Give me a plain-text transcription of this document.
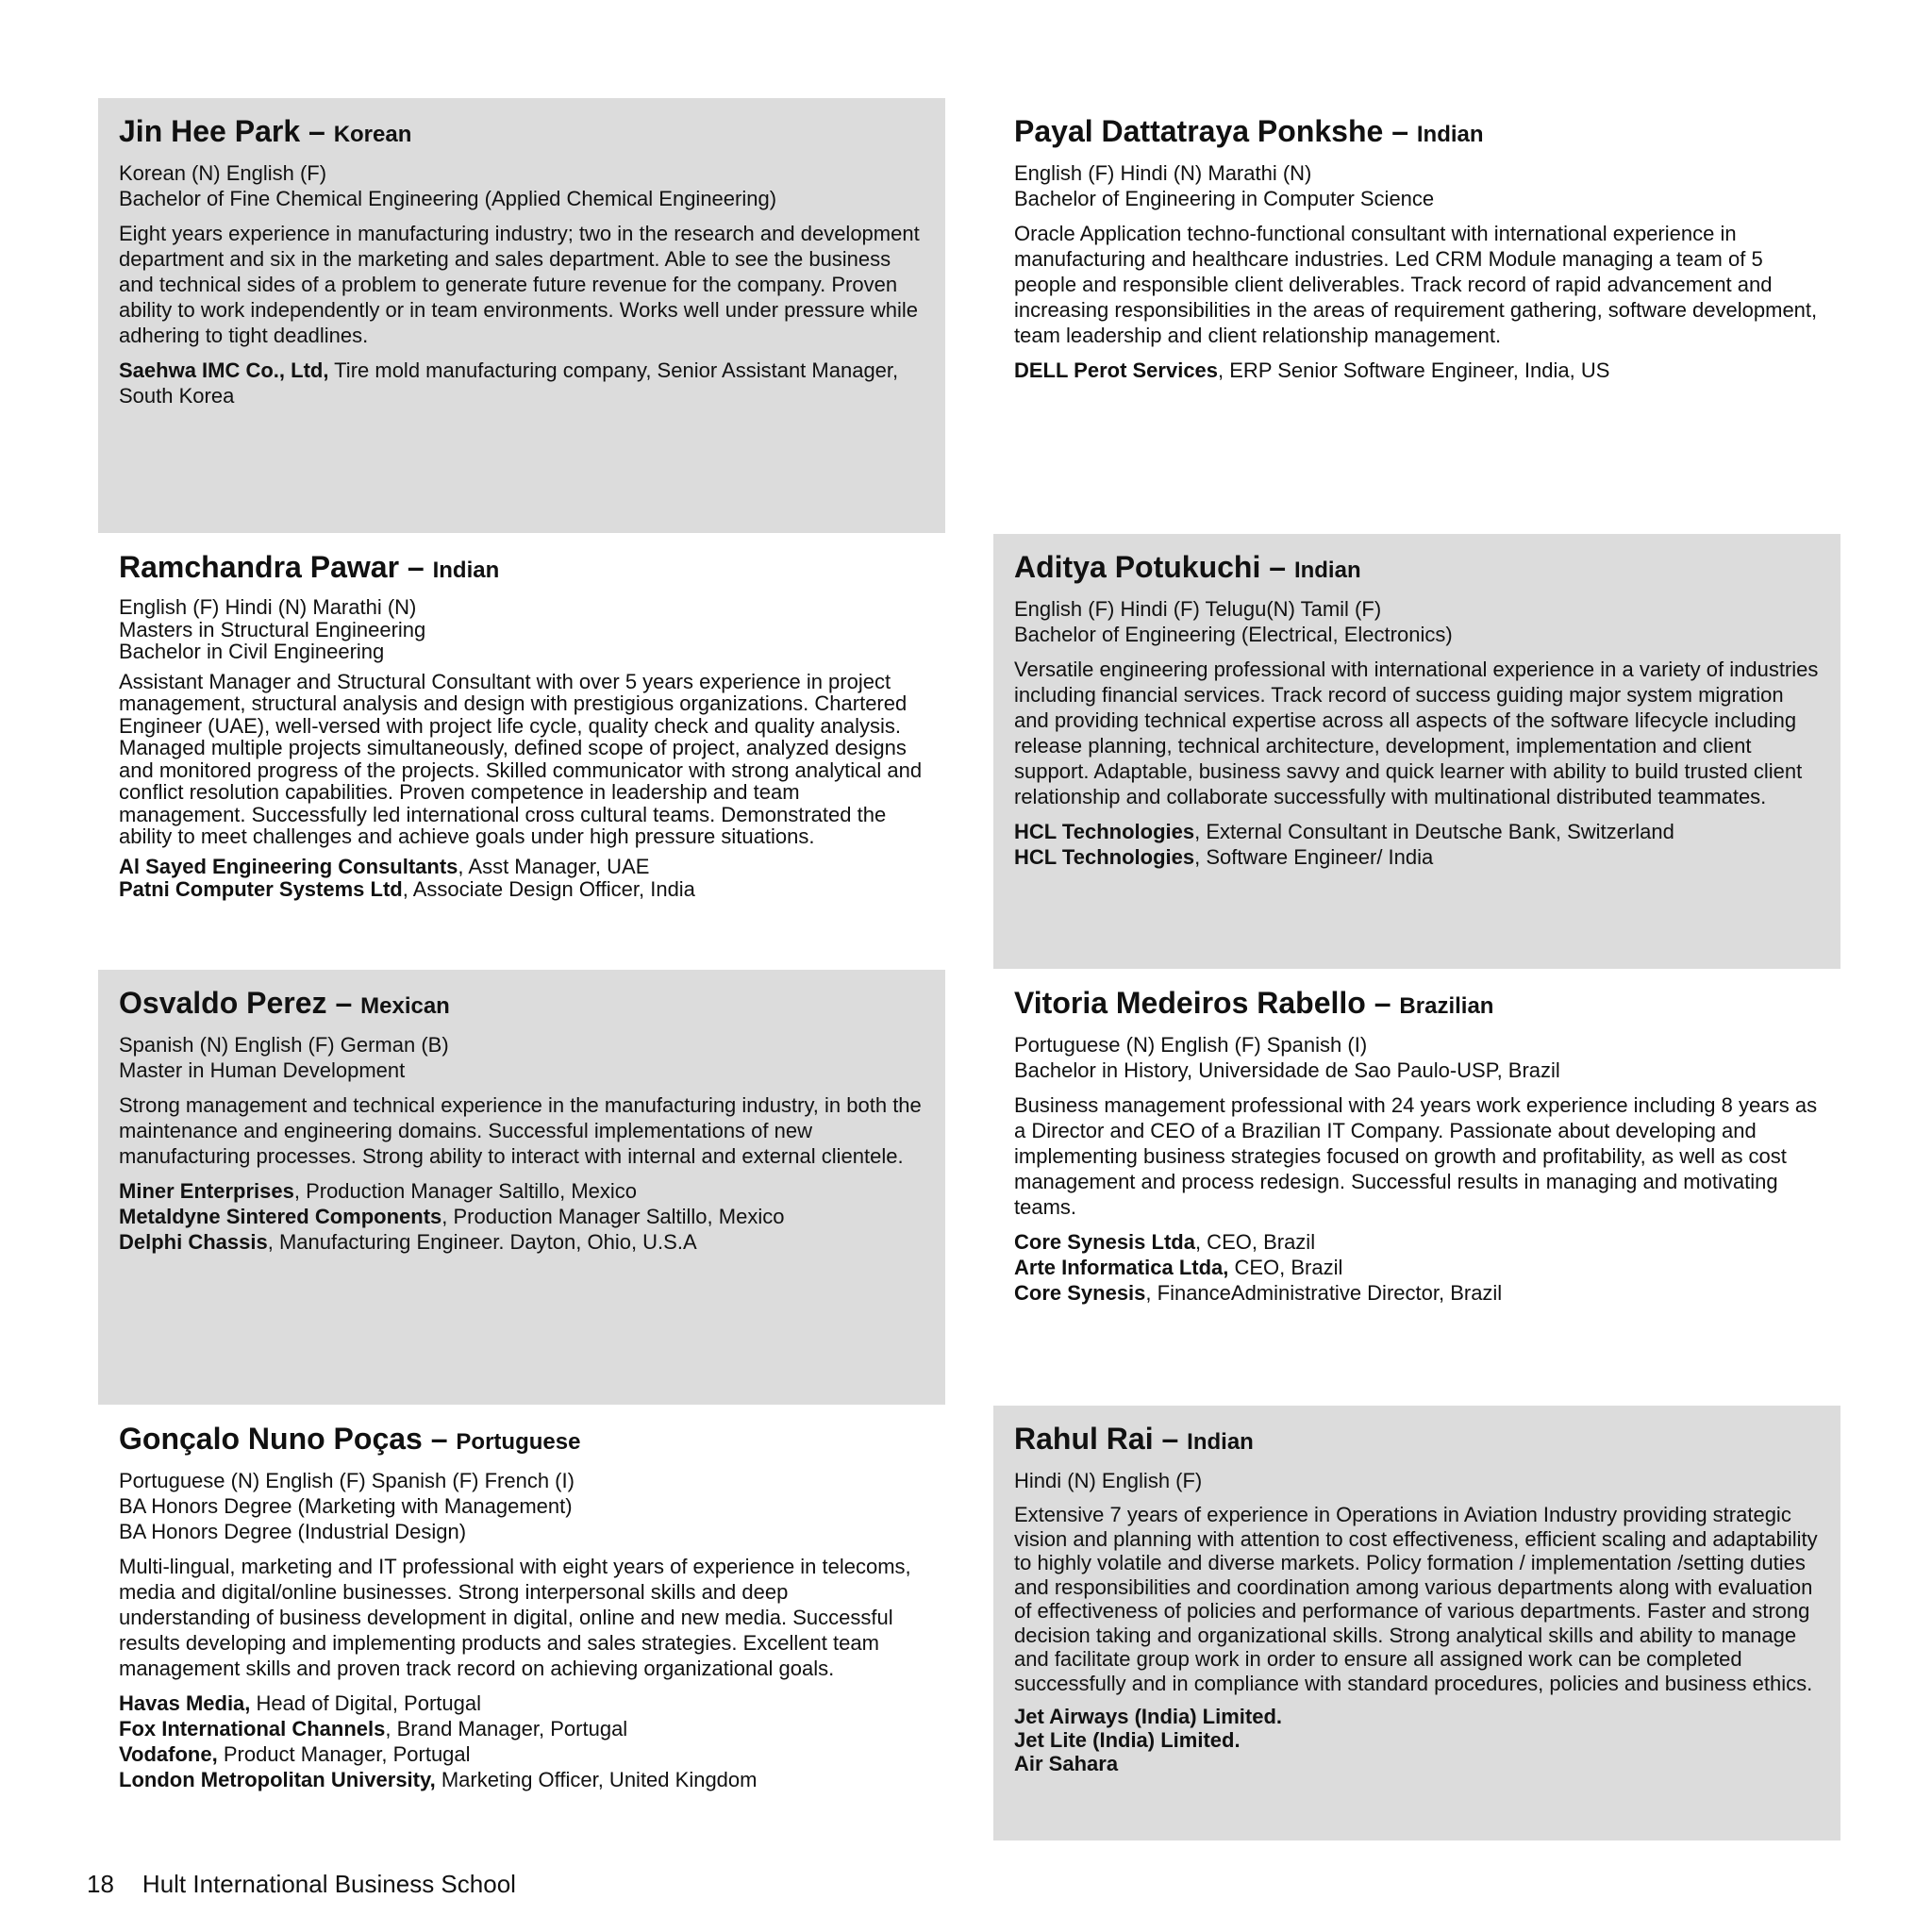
Jin Hee Park – Korean
Korean (N) English (F)
Bachelor of Fine Chemical Engineering (Applied Chemical Engineering)
Eight years experience in manufacturing industry; two in the research and development department and six in the marketing and sales department. Able to see the business and technical sides of a problem to generate future revenue for the company. Proven ability to work independently or in team environments. Works well under pressure while adhering to tight deadlines.
Saehwa IMC Co., Ltd, Tire mold manufacturing company, Senior Assistant Manager, South Korea
Payal Dattatraya Ponkshe – Indian
English (F) Hindi (N) Marathi (N)
Bachelor of Engineering in Computer Science
Oracle Application techno-functional consultant with international experience in manufacturing and healthcare industries. Led CRM Module managing a team of 5 people and responsible client deliverables. Track record of rapid advancement and increasing responsibilities in the areas of requirement gathering, software development, team leadership and client relationship management.
DELL Perot Services, ERP Senior Software Engineer, India, US
Ramchandra Pawar – Indian
English (F) Hindi (N) Marathi (N)
Masters in Structural Engineering
Bachelor in Civil Engineering
Assistant Manager and Structural Consultant with over 5 years experience in project management, structural analysis and design with prestigious organizations. Chartered Engineer (UAE), well-versed with project life cycle, quality check and quality analysis. Managed multiple projects simultaneously, defined scope of project, analyzed designs and monitored progress of the projects. Skilled communicator with strong analytical and conflict resolution capabilities. Proven competence in leadership and team management. Successfully led international cross cultural teams. Demonstrated the ability to meet challenges and achieve goals under high pressure situations.
Al Sayed Engineering Consultants, Asst Manager, UAE
Patni Computer Systems Ltd, Associate Design Officer, India
Aditya Potukuchi – Indian
English (F) Hindi (F) Telugu(N) Tamil (F)
Bachelor of Engineering (Electrical, Electronics)
Versatile engineering professional with international experience in a variety of industries including financial services. Track record of success guiding major system migration and providing technical expertise across all aspects of the software lifecycle including release planning, technical architecture, development, implementation and client support. Adaptable, business savvy and quick learner with ability to build trusted client relationship and collaborate successfully with multinational distributed teammates.
HCL Technologies, External Consultant in Deutsche Bank, Switzerland
HCL Technologies, Software Engineer/ India
Osvaldo Perez – Mexican
Spanish (N) English (F) German (B)
Master in Human Development
Strong management and technical experience in the manufacturing industry, in both the maintenance and engineering domains. Successful implementations of new manufacturing processes. Strong ability to interact with internal and external clientele.
Miner Enterprises, Production Manager Saltillo, Mexico
Metaldyne Sintered Components, Production Manager Saltillo, Mexico
Delphi Chassis, Manufacturing Engineer. Dayton, Ohio, U.S.A
Vitoria Medeiros Rabello – Brazilian
Portuguese (N) English (F) Spanish (I)
Bachelor in History, Universidade de Sao Paulo-USP, Brazil
Business management professional with 24 years work experience including 8 years as a Director and CEO of a Brazilian IT Company. Passionate about developing and implementing business strategies focused on growth and profitability, as well as cost management and process redesign. Successful results in managing and motivating teams.
Core Synesis Ltda, CEO, Brazil
Arte Informatica Ltda, CEO, Brazil
Core Synesis, FinanceAdministrative Director, Brazil
Gonçalo Nuno Poças – Portuguese
Portuguese (N) English (F) Spanish (F) French (I)
BA Honors Degree (Marketing with Management)
BA Honors Degree (Industrial Design)
Multi-lingual, marketing and IT professional with eight years of experience in telecoms, media and digital/online businesses. Strong interpersonal skills and deep understanding of business development in digital, online and new media. Successful results developing and implementing products and sales strategies. Excellent team management skills and proven track record on achieving organizational goals.
Havas Media, Head of Digital, Portugal
Fox International Channels, Brand Manager, Portugal
Vodafone, Product Manager, Portugal
London Metropolitan University, Marketing Officer, United Kingdom
Rahul Rai – Indian
Hindi (N) English (F)
Extensive 7 years of experience in Operations in Aviation Industry providing strategic vision and planning with attention to cost effectiveness, efficient scaling and adaptability to highly volatile and diverse markets. Policy formation / implementation /setting duties and responsibilities and coordination among various departments along with evaluation of effectiveness of policies and performance of various departments. Faster and strong decision taking and organizational skills. Strong analytical skills and ability to manage and facilitate group work in order to ensure all assigned work can be completed successfully and in compliance with standard procedures, policies and business ethics.
Jet Airways (India) Limited.
Jet Lite (India) Limited.
Air Sahara
18 Hult International Business School
